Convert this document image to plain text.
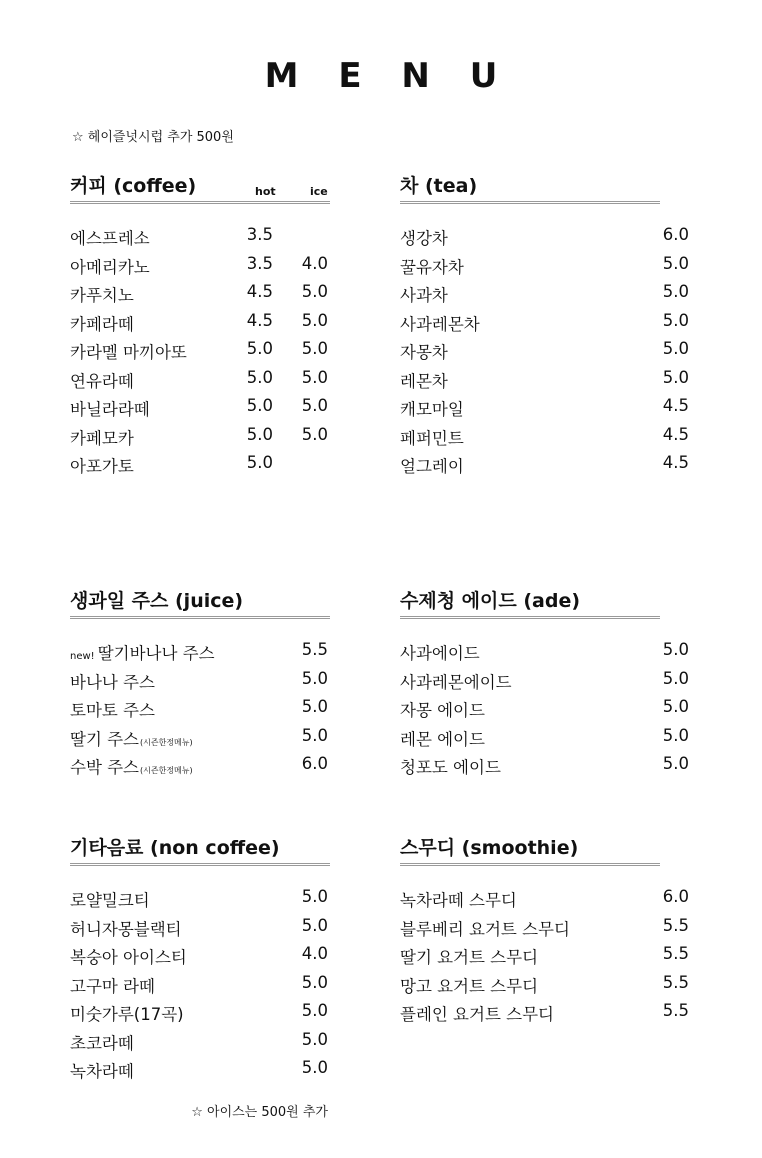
M E N U
☆ 헤이즐넛시럽 추가 500원
커피 (coffee)	hot	ice
에스프레소	3.5
아메리카노	3.5	4.0
카푸치노	4.5	5.0
카페라떼	4.5	5.0
카라멜 마끼아또	5.0	5.0
연유라떼	5.0	5.0
바닐라라떼	5.0	5.0
카페모카	5.0	5.0
아포가토	5.0
차 (tea)
생강차	6.0
꿀유자차	5.0
사과차	5.0
사과레몬차	5.0
자몽차	5.0
레몬차	5.0
캐모마일	4.5
페퍼민트	4.5
얼그레이	4.5
생과일 주스 (juice)
new! 딸기바나나 주스	5.5
바나나 주스	5.0
토마토 주스	5.0
딸기 주스(시즌한정메뉴)	5.0
수박 주스(시즌한정메뉴)	6.0
수제청 에이드 (ade)
사과에이드	5.0
사과레몬에이드	5.0
자몽 에이드	5.0
레몬 에이드	5.0
청포도 에이드	5.0
기타음료 (non coffee)
로얄밀크티	5.0
허니자몽블랙티	5.0
복숭아 아이스티	4.0
고구마 라떼	5.0
미숫가루(17곡)	5.0
초코라떼	5.0
녹차라떼	5.0
스무디 (smoothie)
녹차라떼 스무디	6.0
블루베리 요거트 스무디	5.5
딸기 요거트 스무디	5.5
망고 요거트 스무디	5.5
플레인 요거트 스무디	5.5
☆ 아이스는 500원 추가
